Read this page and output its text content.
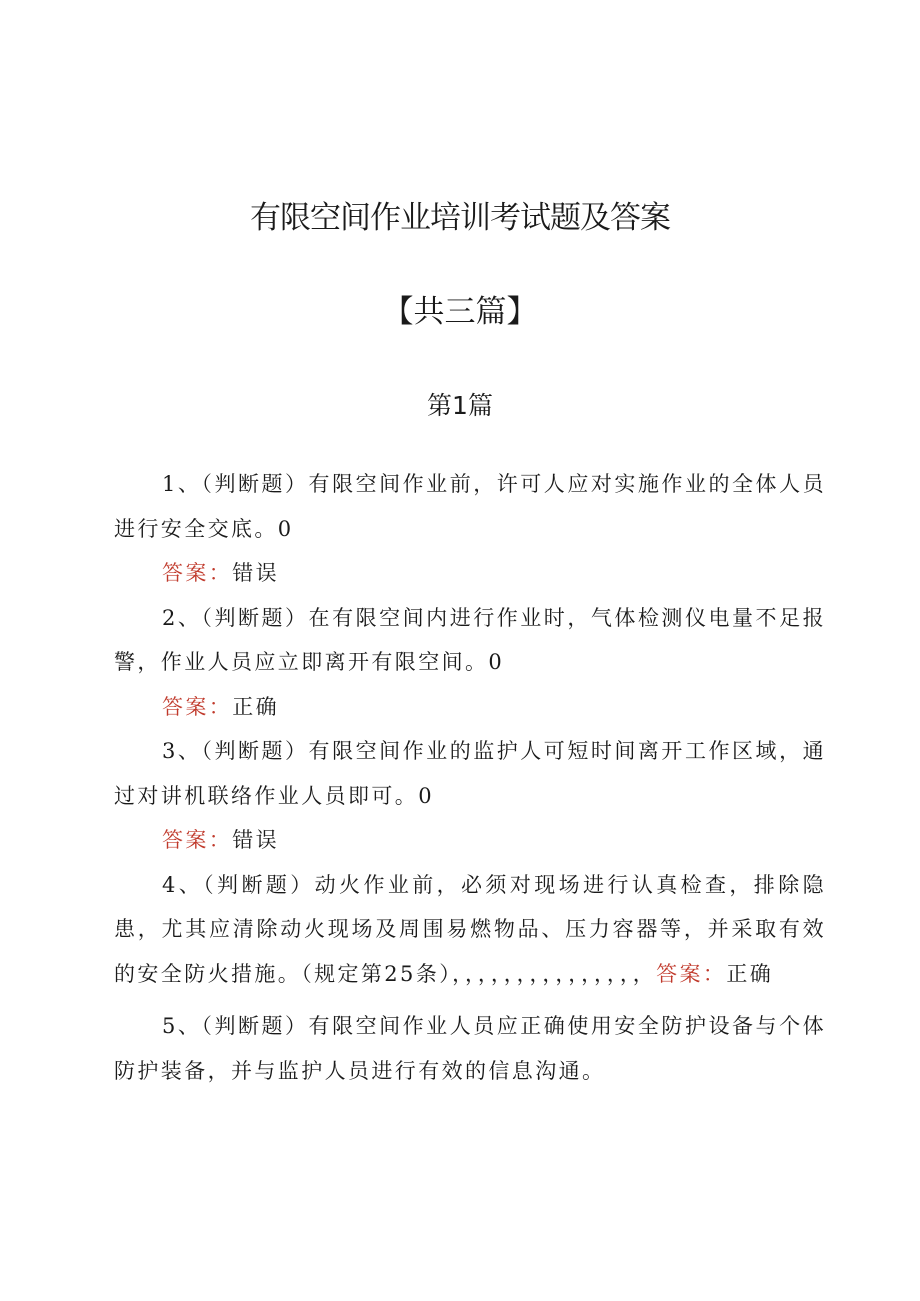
有限空间作业培训考试题及答案
【共三篇】
第1篇

1、（判断题）有限空间作业前，许可人应对实施作业的全体人员进行安全交底。0

答案：错误

2、（判断题）在有限空间内进行作业时，气体检测仪电量不足报警，作业人员应立即离开有限空间。0

答案：正确

3、（判断题）有限空间作业的监护人可短时间离开工作区域，通过对讲机联络作业人员即可。0

答案：错误

4、（判断题）动火作业前，必须对现场进行认真检查，排除隐患，尤其应清除动火现场及周围易燃物品、压力容器等，并采取有效的安全防火措施。（规定第25条），，，，，，，，，，，，，，，答案：正确

5、（判断题）有限空间作业人员应正确使用安全防护设备与个体防护装备，并与监护人员进行有效的信息沟通。
